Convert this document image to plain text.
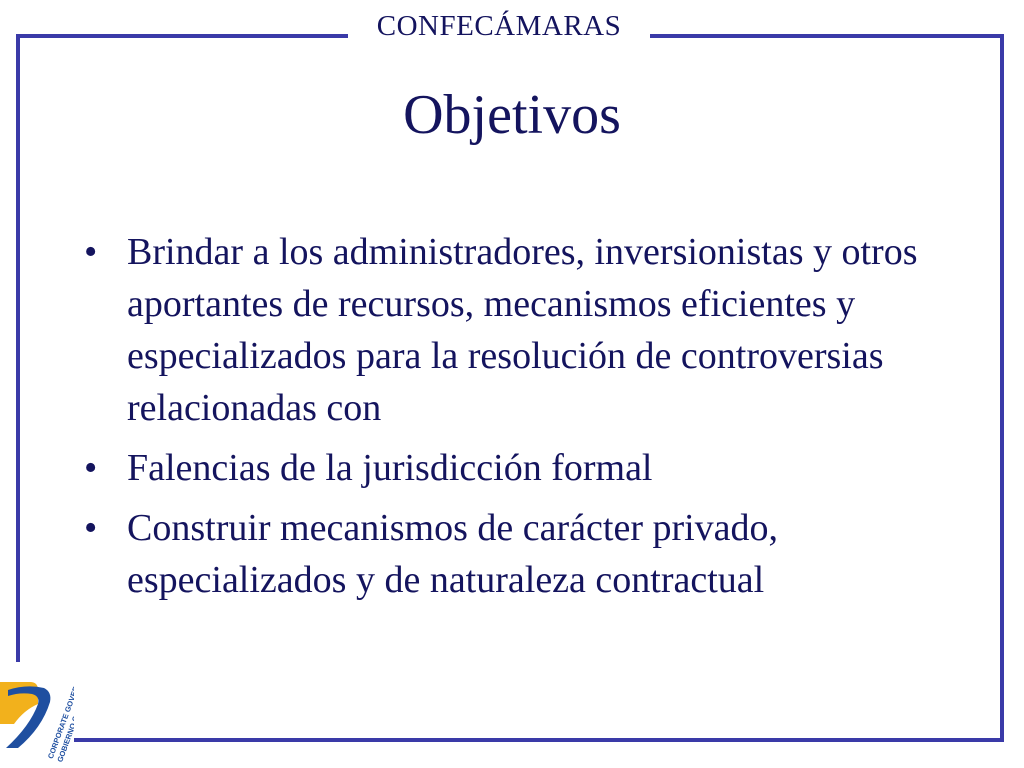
CONFECÁMARAS
Objetivos
• Brindar a los administradores, inversionistas y otros aportantes de recursos, mecanismos eficientes y especializados para la resolución de controversias relacionadas con
• Falencias de la jurisdicción formal
• Construir mecanismos de carácter privado, especializados y de naturaleza contractual
CORPORATE GOVERNANCE
GOBIERNO CORPORATIVO
